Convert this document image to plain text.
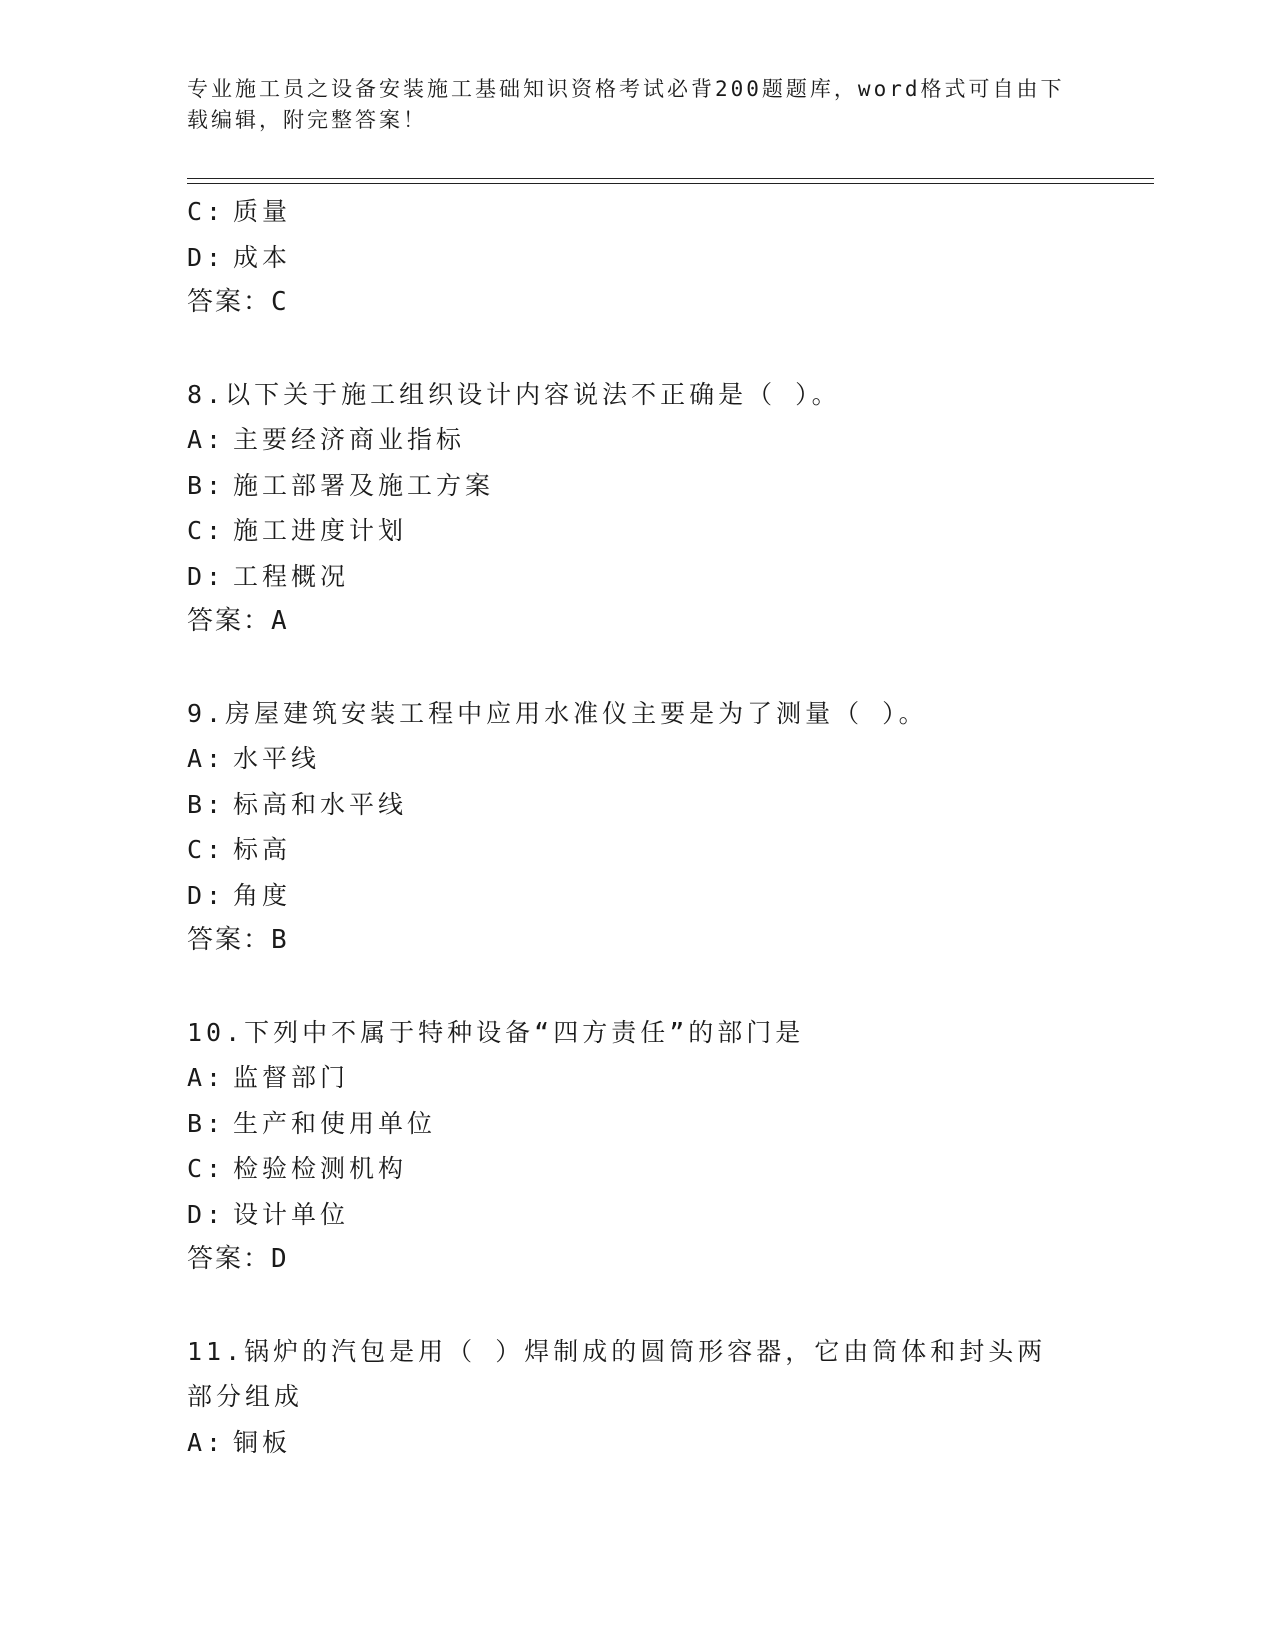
专业施工员之设备安装施工基础知识资格考试必背200题题库，word格式可自由下载编辑，附完整答案！
C: 质量
D: 成本
答案：C
8.以下关于施工组织设计内容说法不正确是（ ）。
A: 主要经济商业指标
B: 施工部署及施工方案
C: 施工进度计划
D: 工程概况
答案：A
9.房屋建筑安装工程中应用水准仪主要是为了测量（ ）。
A: 水平线
B: 标高和水平线
C: 标高
D: 角度
答案：B
10.下列中不属于特种设备“四方责任”的部门是
A: 监督部门
B: 生产和使用单位
C: 检验检测机构
D: 设计单位
答案：D
11.锅炉的汽包是用（ ）焊制成的圆筒形容器，它由筒体和封头两部分组成
A: 铜板
